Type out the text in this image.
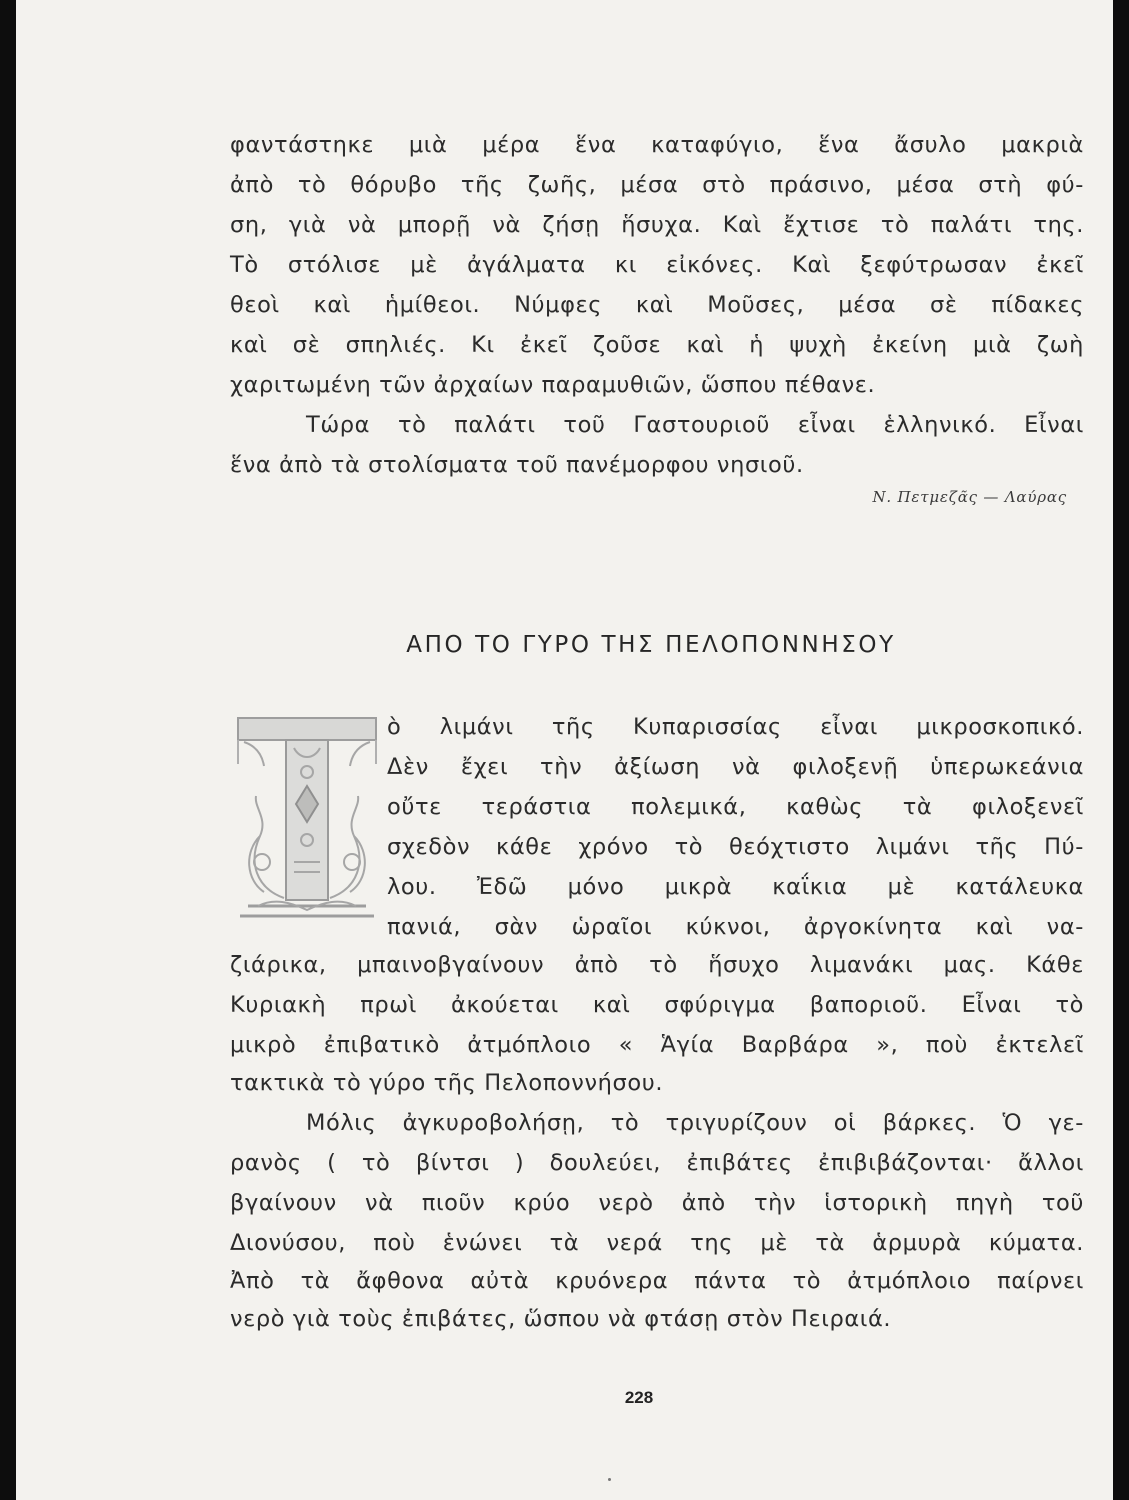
φαντάστηκε μιὰ μέρα ἕνα καταφύγιο, ἕνα ἄσυλο μακριὰ
ἀπὸ τὸ θόρυβο τῆς ζωῆς, μέσα στὸ πράσινο, μέσα στὴ φύ-
ση, γιὰ νὰ μπορῇ νὰ ζήσῃ ἥσυχα. Καὶ ἔχτισε τὸ παλάτι της.
Τὸ στόλισε μὲ ἀγάλματα κι εἰκόνες. Καὶ ξεφύτρωσαν ἐκεῖ
θεοὶ καὶ ἡμίθεοι. Νύμφες καὶ Μοῦσες, μέσα σὲ πίδακες
καὶ σὲ σπηλιές. Κι ἐκεῖ ζοῦσε καὶ ἡ ψυχὴ ἐκείνη μιὰ ζωὴ
χαριτωμένη τῶν ἀρχαίων παραμυθιῶν, ὥσπου πέθανε.
Τώρα τὸ παλάτι τοῦ Γαστουριοῦ εἶναι ἑλληνικό. Εἶναι
ἕνα ἀπὸ τὰ στολίσματα τοῦ πανέμορφου νησιοῦ.
ὸ λιμάνι τῆς Κυπαρισσίας εἶναι μικροσκοπικό.
Δὲν ἔχει τὴν ἀξίωση νὰ φιλοξενῇ ὑπερωκεάνια
οὔτε τεράστια πολεμικά, καθὼς τὰ φιλοξενεῖ
σχεδὸν κάθε χρόνο τὸ θεόχτιστο λιμάνι τῆς Πύ-
λου. Ἐδῶ μόνο μικρὰ καΐκια μὲ κατάλευκα
πανιά, σὰν ὡραῖοι κύκνοι, ἀργοκίνητα καὶ να-
ζιάρικα, μπαινοβγαίνουν ἀπὸ τὸ ἥσυχο λιμανάκι μας. Κάθε
Κυριακὴ πρωὶ ἀκούεται καὶ σφύριγμα βαποριοῦ. Εἶναι τὸ
μικρὸ ἐπιβατικὸ ἀτμόπλοιο « Ἁγία Βαρβάρα », ποὺ ἐκτελεῖ
τακτικὰ τὸ γύρο τῆς Πελοποννήσου.
Μόλις ἀγκυροβολήσῃ, τὸ τριγυρίζουν οἱ βάρκες. Ὁ γε-
ρανὸς ( τὸ βίντσι ) δουλεύει, ἐπιβάτες ἐπιβιβάζονται· ἄλλοι
βγαίνουν νὰ πιοῦν κρύο νερὸ ἀπὸ τὴν ἱστορικὴ πηγὴ τοῦ
Διονύσου, ποὺ ἑνώνει τὰ νερά της μὲ τὰ ἁρμυρὰ κύματα.
Ἀπὸ τὰ ἄφθονα αὐτὰ κρυόνερα πάντα τὸ ἀτμόπλοιο παίρνει
νερὸ γιὰ τοὺς ἐπιβάτες, ὥσπου νὰ φτάσῃ στὸν Πειραιά.
Ν. Πετμεζᾶς — Λαύρας
ΑΠΟ ΤΟ ΓΥΡΟ ΤΗΣ ΠΕΛΟΠΟΝΝΗΣΟΥ
228
